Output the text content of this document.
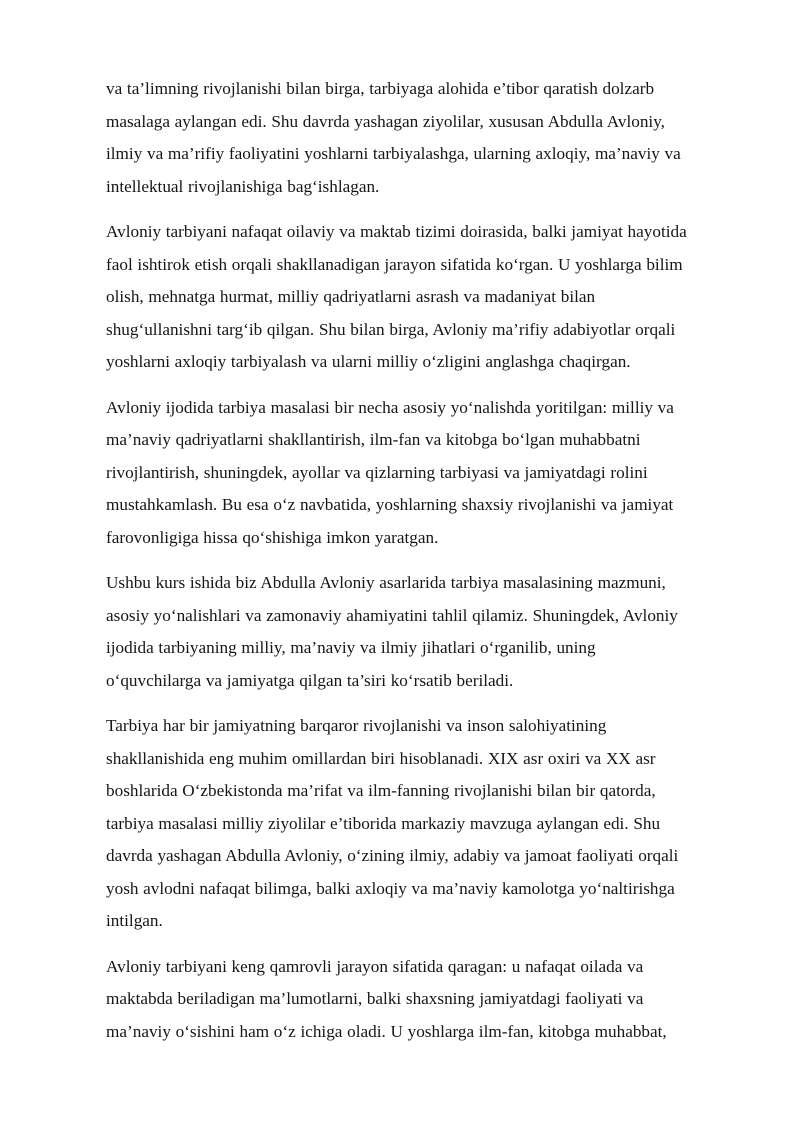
va ta’limning rivojlanishi bilan birga, tarbiyaga alohida e’tibor qaratish dolzarb
masalaga aylangan edi. Shu davrda yashagan ziyolilar, xususan Abdulla Avloniy,
ilmiy va ma’rifiy faoliyatini yoshlarni tarbiyalashga, ularning axloqiy, ma’naviy va
intellektual rivojlanishiga bag‘ishlagan.
Avloniy tarbiyani nafaqat oilaviy va maktab tizimi doirasida, balki jamiyat hayotida
faol ishtirok etish orqali shakllanadigan jarayon sifatida ko‘rgan. U yoshlarga bilim
olish, mehnatga hurmat, milliy qadriyatlarni asrash va madaniyat bilan
shug‘ullanishni targ‘ib qilgan. Shu bilan birga, Avloniy ma’rifiy adabiyotlar orqali
yoshlarni axloqiy tarbiyalash va ularni milliy o‘zligini anglashga chaqirgan.
Avloniy ijodida tarbiya masalasi bir necha asosiy yo‘nalishda yoritilgan: milliy va
ma’naviy qadriyatlarni shakllantirish, ilm-fan va kitobga bo‘lgan muhabbatni
rivojlantirish, shuningdek, ayollar va qizlarning tarbiyasi va jamiyatdagi rolini
mustahkamlash. Bu esa o‘z navbatida, yoshlarning shaxsiy rivojlanishi va jamiyat
farovonligiga hissa qo‘shishiga imkon yaratgan.
Ushbu kurs ishida biz Abdulla Avloniy asarlarida tarbiya masalasining mazmuni,
asosiy yo‘nalishlari va zamonaviy ahamiyatini tahlil qilamiz. Shuningdek, Avloniy
ijodida tarbiyaning milliy, ma’naviy va ilmiy jihatlari o‘rganilib, uning
o‘quvchilarga va jamiyatga qilgan ta’siri ko‘rsatib beriladi.
Tarbiya har bir jamiyatning barqaror rivojlanishi va inson salohiyatining
shakllanishida eng muhim omillardan biri hisoblanadi. XIX asr oxiri va XX asr
boshlarida O‘zbekistonda ma’rifat va ilm-fanning rivojlanishi bilan bir qatorda,
tarbiya masalasi milliy ziyolilar e’tiborida markaziy mavzuga aylangan edi. Shu
davrda yashagan Abdulla Avloniy, o‘zining ilmiy, adabiy va jamoat faoliyati orqali
yosh avlodni nafaqat bilimga, balki axloqiy va ma’naviy kamolotga yo‘naltirishga
intilgan.
Avloniy tarbiyani keng qamrovli jarayon sifatida qaragan: u nafaqat oilada va
maktabda beriladigan ma’lumotlarni, balki shaxsning jamiyatdagi faoliyati va
ma’naviy o‘sishini ham o‘z ichiga oladi. U yoshlarga ilm-fan, kitobga muhabbat,
